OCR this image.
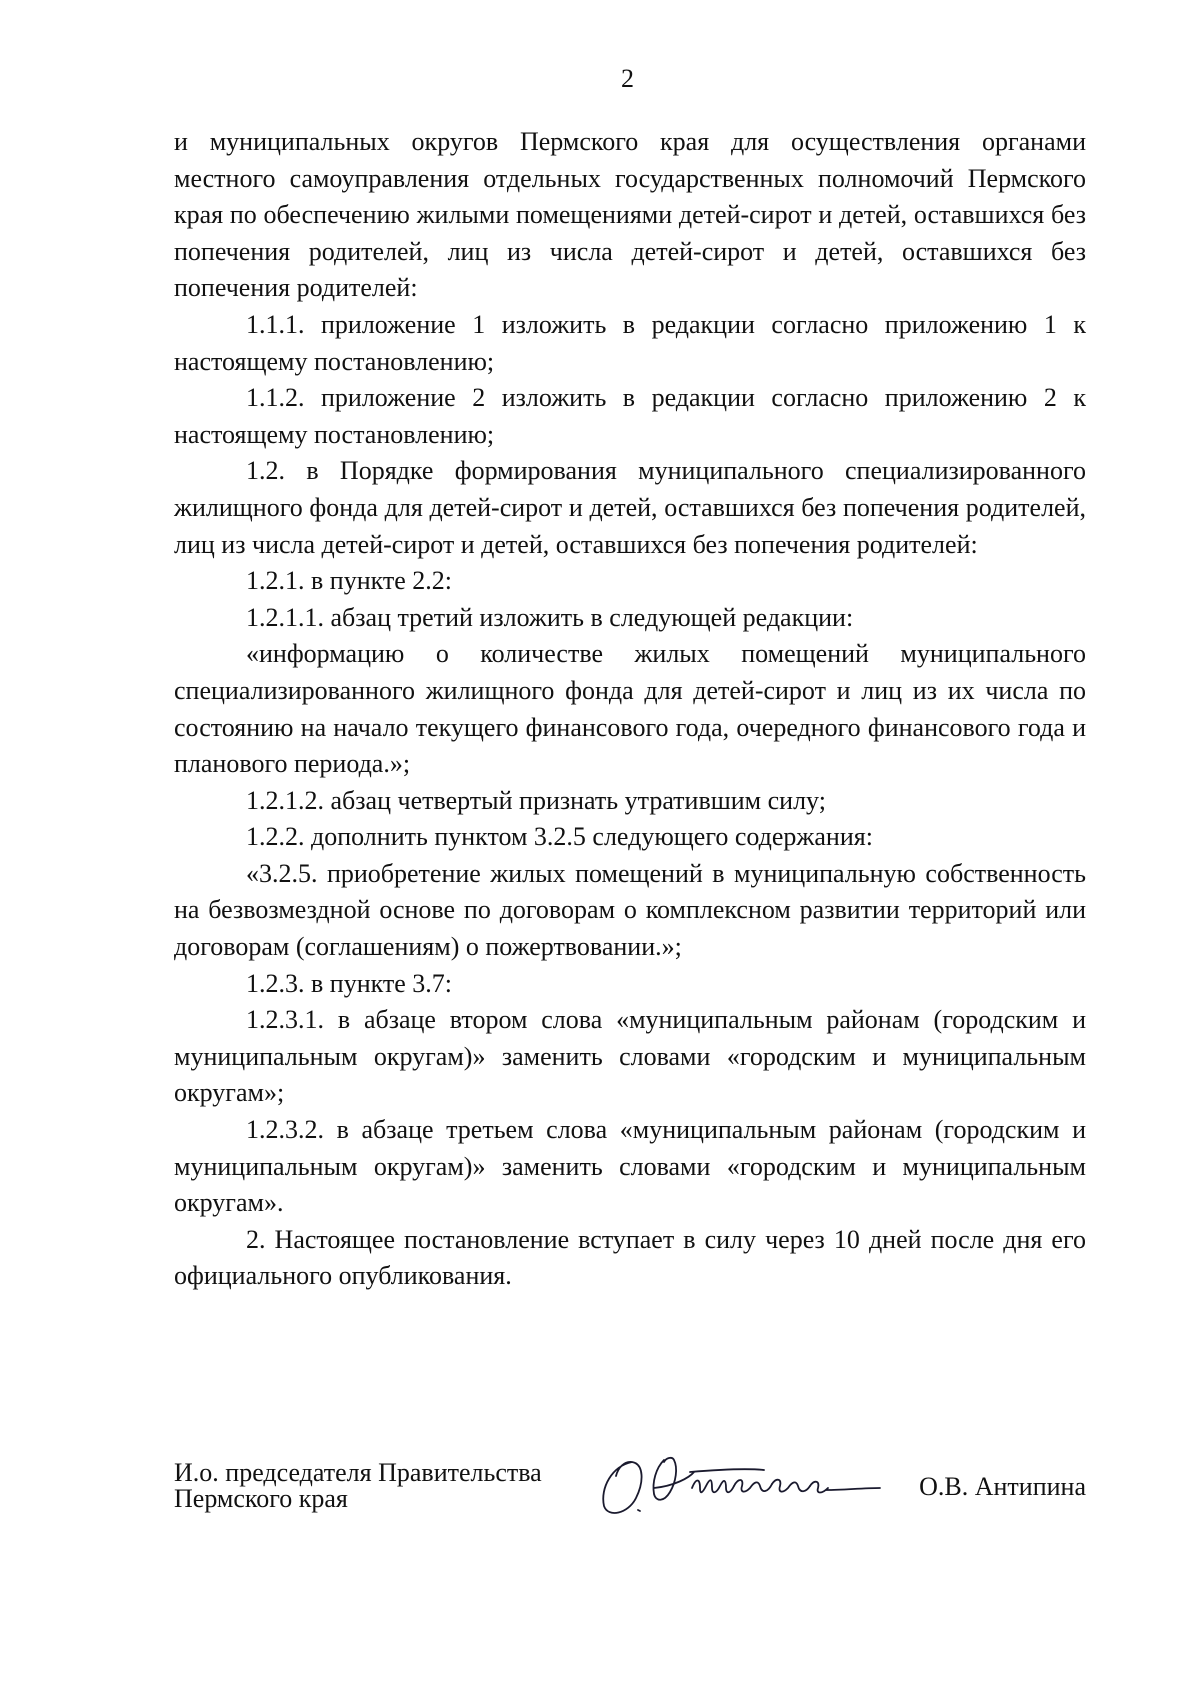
2

и муниципальных округов Пермского края для осуществления органами местного самоуправления отдельных государственных полномочий Пермского края по обеспечению жилыми помещениями детей-сирот и детей, оставшихся без попечения родителей, лиц из числа детей-сирот и детей, оставшихся без попечения родителей:

1.1.1. приложение 1 изложить в редакции согласно приложению 1 к настоящему постановлению;

1.1.2. приложение 2 изложить в редакции согласно приложению 2 к настоящему постановлению;

1.2. в Порядке формирования муниципального специализированного жилищного фонда для детей-сирот и детей, оставшихся без попечения родителей, лиц из числа детей-сирот и детей, оставшихся без попечения родителей:

1.2.1. в пункте 2.2:

1.2.1.1. абзац третий изложить в следующей редакции:

«информацию о количестве жилых помещений муниципального специализированного жилищного фонда для детей-сирот и лиц из их числа по состоянию на начало текущего финансового года, очередного финансового года и планового периода.»;

1.2.1.2. абзац четвертый признать утратившим силу;

1.2.2. дополнить пунктом 3.2.5 следующего содержания:

«3.2.5. приобретение жилых помещений в муниципальную собственность на безвозмездной основе по договорам о комплексном развитии территорий или договорам (соглашениям) о пожертвовании.»;

1.2.3. в пункте 3.7:

1.2.3.1. в абзаце втором слова «муниципальным районам (городским и муниципальным округам)» заменить словами «городским и муниципальным округам»;

1.2.3.2. в абзаце третьем слова «муниципальным районам (городским и муниципальным округам)» заменить словами «городским и муниципальным округам».

2. Настоящее постановление вступает в силу через 10 дней после дня его официального опубликования.

И.о. председателя Правительства
Пермского края	О.В. Антипина
